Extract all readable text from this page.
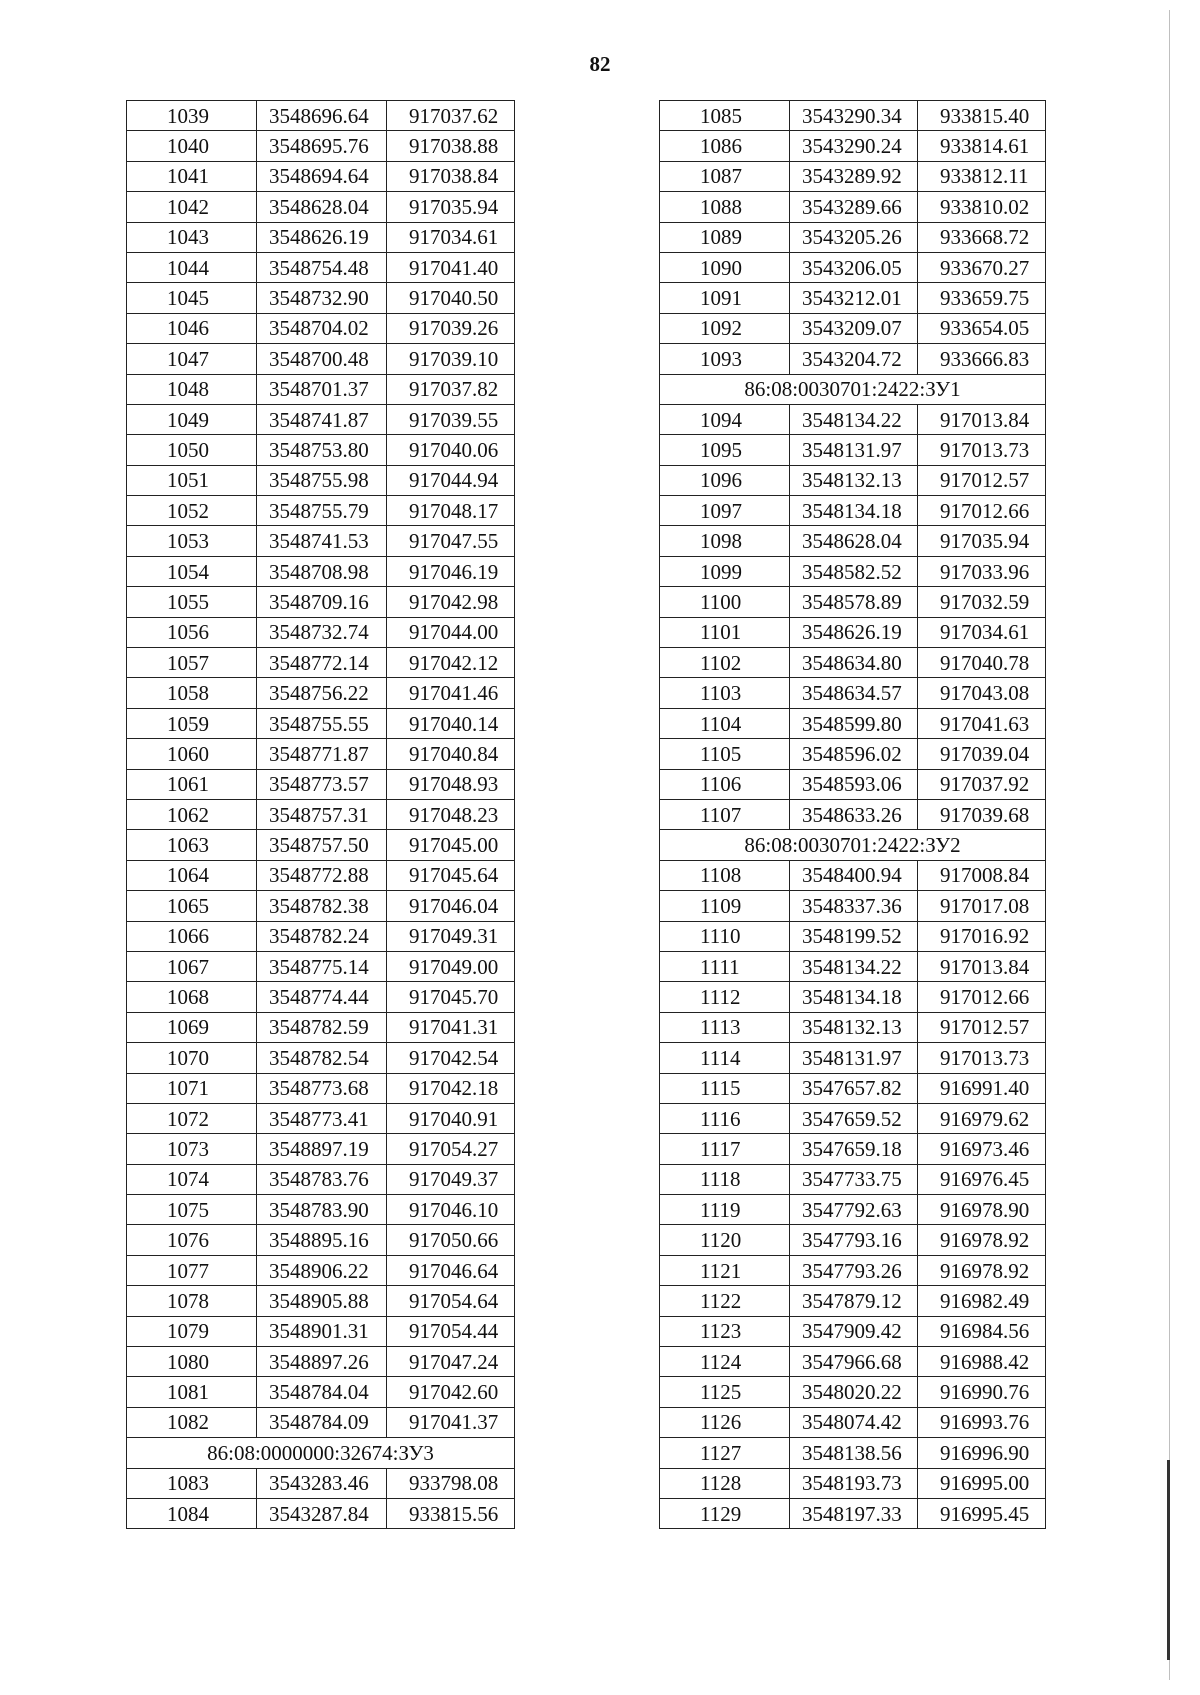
82
1039	3548696.64	917037.62
1040	3548695.76	917038.88
1041	3548694.64	917038.84
1042	3548628.04	917035.94
1043	3548626.19	917034.61
1044	3548754.48	917041.40
1045	3548732.90	917040.50
1046	3548704.02	917039.26
1047	3548700.48	917039.10
1048	3548701.37	917037.82
1049	3548741.87	917039.55
1050	3548753.80	917040.06
1051	3548755.98	917044.94
1052	3548755.79	917048.17
1053	3548741.53	917047.55
1054	3548708.98	917046.19
1055	3548709.16	917042.98
1056	3548732.74	917044.00
1057	3548772.14	917042.12
1058	3548756.22	917041.46
1059	3548755.55	917040.14
1060	3548771.87	917040.84
1061	3548773.57	917048.93
1062	3548757.31	917048.23
1063	3548757.50	917045.00
1064	3548772.88	917045.64
1065	3548782.38	917046.04
1066	3548782.24	917049.31
1067	3548775.14	917049.00
1068	3548774.44	917045.70
1069	3548782.59	917041.31
1070	3548782.54	917042.54
1071	3548773.68	917042.18
1072	3548773.41	917040.91
1073	3548897.19	917054.27
1074	3548783.76	917049.37
1075	3548783.90	917046.10
1076	3548895.16	917050.66
1077	3548906.22	917046.64
1078	3548905.88	917054.64
1079	3548901.31	917054.44
1080	3548897.26	917047.24
1081	3548784.04	917042.60
1082	3548784.09	917041.37
86:08:0000000:32674:ЗУ3		
1083	3543283.46	933798.08
1084	3543287.84	933815.56
1085	3543290.34	933815.40
1086	3543290.24	933814.61
1087	3543289.92	933812.11
1088	3543289.66	933810.02
1089	3543205.26	933668.72
1090	3543206.05	933670.27
1091	3543212.01	933659.75
1092	3543209.07	933654.05
1093	3543204.72	933666.83
86:08:0030701:2422:ЗУ1		
1094	3548134.22	917013.84
1095	3548131.97	917013.73
1096	3548132.13	917012.57
1097	3548134.18	917012.66
1098	3548628.04	917035.94
1099	3548582.52	917033.96
1100	3548578.89	917032.59
1101	3548626.19	917034.61
1102	3548634.80	917040.78
1103	3548634.57	917043.08
1104	3548599.80	917041.63
1105	3548596.02	917039.04
1106	3548593.06	917037.92
1107	3548633.26	917039.68
86:08:0030701:2422:ЗУ2		
1108	3548400.94	917008.84
1109	3548337.36	917017.08
1110	3548199.52	917016.92
1111	3548134.22	917013.84
1112	3548134.18	917012.66
1113	3548132.13	917012.57
1114	3548131.97	917013.73
1115	3547657.82	916991.40
1116	3547659.52	916979.62
1117	3547659.18	916973.46
1118	3547733.75	916976.45
1119	3547792.63	916978.90
1120	3547793.16	916978.92
1121	3547793.26	916978.92
1122	3547879.12	916982.49
1123	3547909.42	916984.56
1124	3547966.68	916988.42
1125	3548020.22	916990.76
1126	3548074.42	916993.76
1127	3548138.56	916996.90
1128	3548193.73	916995.00
1129	3548197.33	916995.45
